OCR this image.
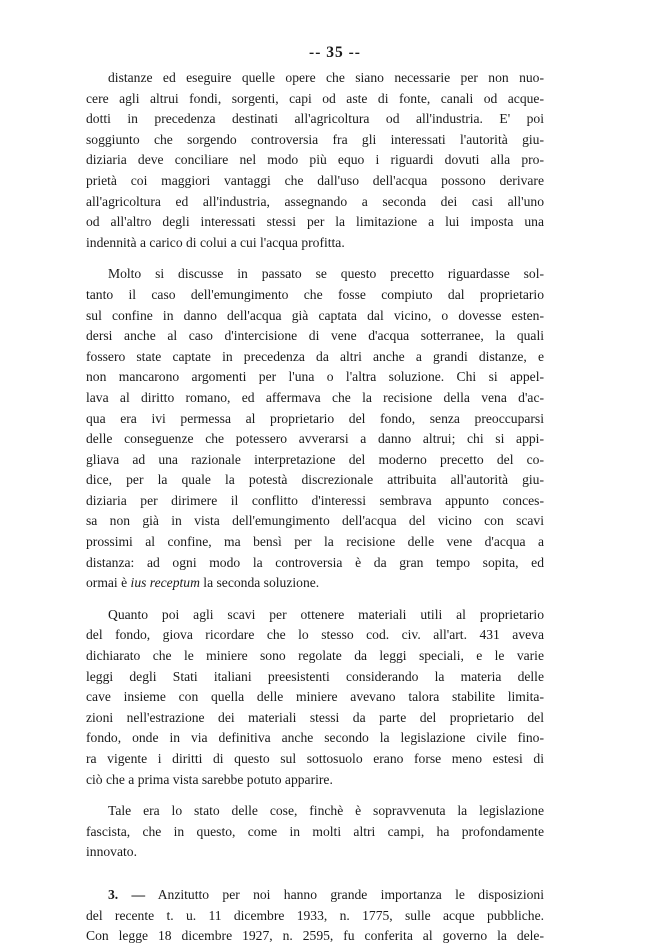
-- 35 --
distanze ed eseguire quelle opere che siano necessarie per non nuo-
cere agli altrui fondi, sorgenti, capi od aste di fonte, canali od acque-
dotti in precedenza destinati all'agricoltura od all'industria. E' poi
soggiunto che sorgendo controversia fra gli interessati l'autorità giu-
diziaria deve conciliare nel modo più equo i riguardi dovuti alla pro-
prietà coi maggiori vantaggi che dall'uso dell'acqua possono derivare
all'agricoltura ed all'industria, assegnando a seconda dei casi all'uno
od all'altro degli interessati stessi per la limitazione a lui imposta una
indennità a carico di colui a cui l'acqua profitta.
Molto si discusse in passato se questo precetto riguardasse sol-
tanto il caso dell'emungimento che fosse compiuto dal proprietario
sul confine in danno dell'acqua già captata dal vicino, o dovesse esten-
dersi anche al caso d'intercisione di vene d'acqua sotterranee, la quali
fossero state captate in precedenza da altri anche a grandi distanze, e
non mancarono argomenti per l'una o l'altra soluzione. Chi si appel-
lava al diritto romano, ed affermava che la recisione della vena d'ac-
qua era ivi permessa al proprietario del fondo, senza preoccuparsi
delle conseguenze che potessero avverarsi a danno altrui; chi si appi-
gliava ad una razionale interpretazione del moderno precetto del co-
dice, per la quale la potestà discrezionale attribuita all'autorità giu-
diziaria per dirimere il conflitto d'interessi sembrava appunto conces-
sa non già in vista dell'emungimento dell'acqua del vicino con scavi
prossimi al confine, ma bensì per la recisione delle vene d'acqua a
distanza: ad ogni modo la controversia è da gran tempo sopita, ed
ormai è ius receptum la seconda soluzione.
Quanto poi agli scavi per ottenere materiali utili al proprietario
del fondo, giova ricordare che lo stesso cod. civ. all'art. 431 aveva
dichiarato che le miniere sono regolate da leggi speciali, e le varie
leggi degli Stati italiani preesistenti considerando la materia delle
cave insieme con quella delle miniere avevano talora stabilite limita-
zioni nell'estrazione dei materiali stessi da parte del proprietario del
fondo, onde in via definitiva anche secondo la legislazione civile fino-
ra vigente i diritti di questo sul sottosuolo erano forse meno estesi di
ciò che a prima vista sarebbe potuto apparire.
Tale era lo stato delle cose, finchè è sopravvenuta la legislazione
fascista, che in questo, come in molti altri campi, ha profondamente
innovato.
3. — Anzitutto per noi hanno grande importanza le disposizioni
del recente t. u. 11 dicembre 1933, n. 1775, sulle acque pubbliche.
Con legge 18 dicembre 1927, n. 2595, fu conferita al governo la dele-
